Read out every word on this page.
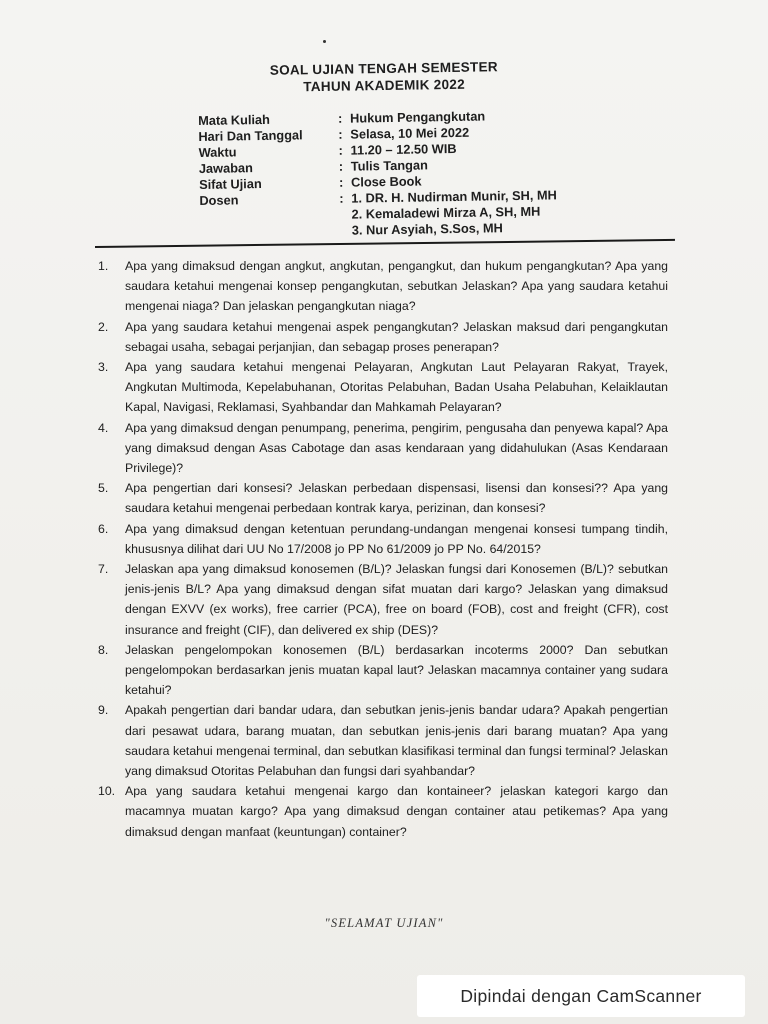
SOAL UJIAN TENGAH SEMESTER
TAHUN AKADEMIK 2022
Mata Kuliah	: Hukum Pengangkutan
Hari Dan Tanggal	: Selasa, 10 Mei 2022
Waktu	: 11.20 – 12.50 WIB
Jawaban	: Tulis Tangan
Sifat Ujian	: Close Book
Dosen	: 1. DR. H. Nudirman Munir, SH, MH
2. Kemaladewi Mirza A, SH, MH
3. Nur Asyiah, S.Sos, MH
1.	Apa yang dimaksud dengan angkut, angkutan, pengangkut, dan hukum pengangkutan? Apa yang saudara ketahui mengenai konsep pengangkutan, sebutkan Jelaskan? Apa yang saudara ketahui mengenai niaga? Dan jelaskan pengangkutan niaga?
2.	Apa yang saudara ketahui mengenai aspek pengangkutan? Jelaskan maksud dari pengangkutan sebagai usaha, sebagai perjanjian, dan sebagap proses penerapan?
3.	Apa yang saudara ketahui mengenai Pelayaran, Angkutan Laut Pelayaran Rakyat, Trayek, Angkutan Multimoda, Kepelabuhanan, Otoritas Pelabuhan, Badan Usaha Pelabuhan, Kelaiklautan Kapal, Navigasi, Reklamasi, Syahbandar dan Mahkamah Pelayaran?
4.	Apa yang dimaksud dengan penumpang, penerima, pengirim, pengusaha dan penyewa kapal? Apa yang dimaksud dengan Asas Cabotage dan asas kendaraan yang didahulukan (Asas Kendaraan Privilege)?
5.	Apa pengertian dari konsesi? Jelaskan perbedaan dispensasi, lisensi dan konsesi?? Apa yang saudara ketahui mengenai perbedaan kontrak karya, perizinan, dan konsesi?
6.	Apa yang dimaksud dengan ketentuan perundang-undangan mengenai konsesi tumpang tindih, khususnya dilihat dari UU No 17/2008 jo PP No 61/2009 jo PP No. 64/2015?
7.	Jelaskan apa yang dimaksud konosemen (B/L)? Jelaskan fungsi dari Konosemen (B/L)? sebutkan jenis-jenis B/L? Apa yang dimaksud dengan sifat muatan dari kargo? Jelaskan yang dimaksud dengan EXVV (ex works), free carrier (PCA), free on board (FOB), cost and freight (CFR), cost insurance and freight (CIF), dan delivered ex ship (DES)?
8.	Jelaskan pengelompokan konosemen (B/L) berdasarkan incoterms 2000? Dan sebutkan pengelompokan berdasarkan jenis muatan kapal laut? Jelaskan macamnya container yang sudara ketahui?
9.	Apakah pengertian dari bandar udara, dan sebutkan jenis-jenis bandar udara? Apakah pengertian dari pesawat udara, barang muatan, dan sebutkan jenis-jenis dari barang muatan? Apa yang saudara ketahui mengenai terminal, dan sebutkan klasifikasi terminal dan fungsi terminal? Jelaskan yang dimaksud Otoritas Pelabuhan dan fungsi dari syahbandar?
10. Apa yang saudara ketahui mengenai kargo dan kontaineer? jelaskan kategori kargo dan macamnya muatan kargo? Apa yang dimaksud dengan container atau petikemas? Apa yang dimaksud dengan manfaat (keuntungan) container?
"SELAMAT UJIAN"
Dipindai dengan CamScanner
